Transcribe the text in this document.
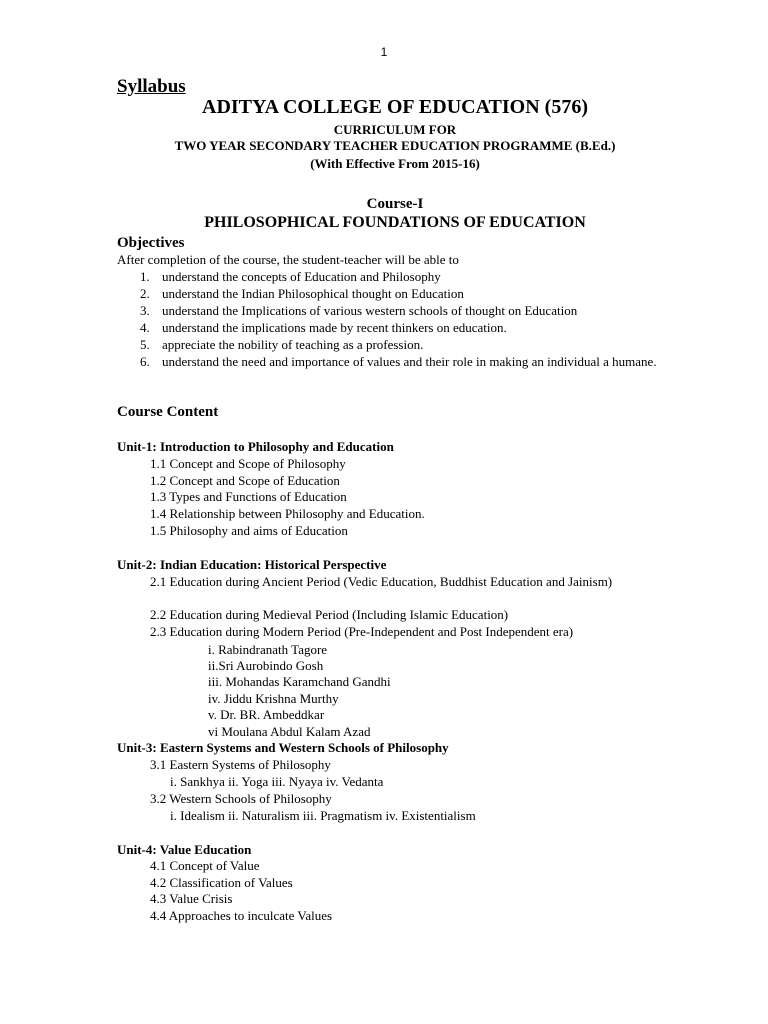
1
Syllabus
ADITYA COLLEGE OF EDUCATION (576)
CURRICULUM FOR
TWO YEAR SECONDARY TEACHER EDUCATION PROGRAMME (B.Ed.)
(With Effective From 2015-16)
Course-I
PHILOSOPHICAL FOUNDATIONS OF EDUCATION
Objectives
After completion of the course, the student-teacher will be able to
1. understand the concepts of Education and Philosophy
2. understand the Indian Philosophical thought on Education
3. understand the Implications of various western schools of thought on Education
4. understand the implications made by recent thinkers on education.
5. appreciate the nobility of teaching as a profession.
6. understand the need and importance of values and their role in making an individual a humane.
Course Content
Unit-1: Introduction to Philosophy and Education
1.1 Concept and Scope of Philosophy
1.2 Concept and Scope of Education
1.3 Types and Functions of Education
1.4 Relationship between Philosophy and Education.
1.5 Philosophy and aims of Education
Unit-2: Indian Education: Historical Perspective
2.1 Education during Ancient Period (Vedic Education, Buddhist Education and Jainism)
2.2 Education during Medieval Period (Including Islamic Education)
2.3 Education during Modern Period (Pre-Independent and Post Independent era)
i. Rabindranath Tagore
ii.Sri Aurobindo Gosh
iii. Mohandas Karamchand Gandhi
iv. Jiddu Krishna Murthy
v. Dr. BR. Ambeddkar
vi Moulana Abdul Kalam Azad
Unit-3: Eastern Systems and Western Schools of Philosophy
3.1 Eastern Systems of Philosophy
i. Sankhya ii. Yoga iii. Nyaya iv. Vedanta
3.2 Western Schools of Philosophy
i. Idealism ii. Naturalism iii. Pragmatism iv. Existentialism
Unit-4: Value Education
4.1 Concept of Value
4.2 Classification of Values
4.3 Value Crisis
4.4 Approaches to inculcate Values
